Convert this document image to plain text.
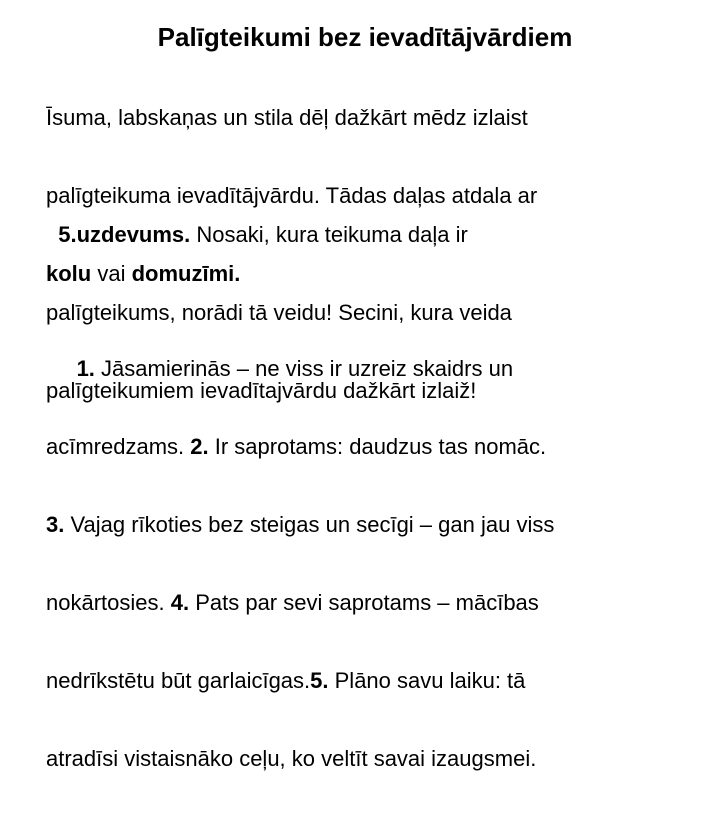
Palīgteikumi bez ievadītājvārdiem

Īsuma, labskaņas un stila dēļ dažkārt mēdz izlaist

palīgteikuma ievadītājvārdu. Tādas daļas atdala ar

kolu vai domuzīmi.

5.uzdevums. Nosaki, kura teikuma daļa ir

palīgteikums, norādi tā veidu! Secini, kura veida

palīgteikumiem ievadītajvārdu dažkārt izlaiž!

1. Jāsamierinās – ne viss ir uzreiz skaidrs un

acīmredzams. 2. Ir saprotams: daudzus tas nomāc.

3. Vajag rīkoties bez steigas un secīgi – gan jau viss

nokārtosies. 4. Pats par sevi saprotams – mācības

nedrīkstētu būt garlaicīgas.5. Plāno savu laiku: tā

atradīsi vistaisnāko ceļu, ko veltīt savai izaugsmei.
